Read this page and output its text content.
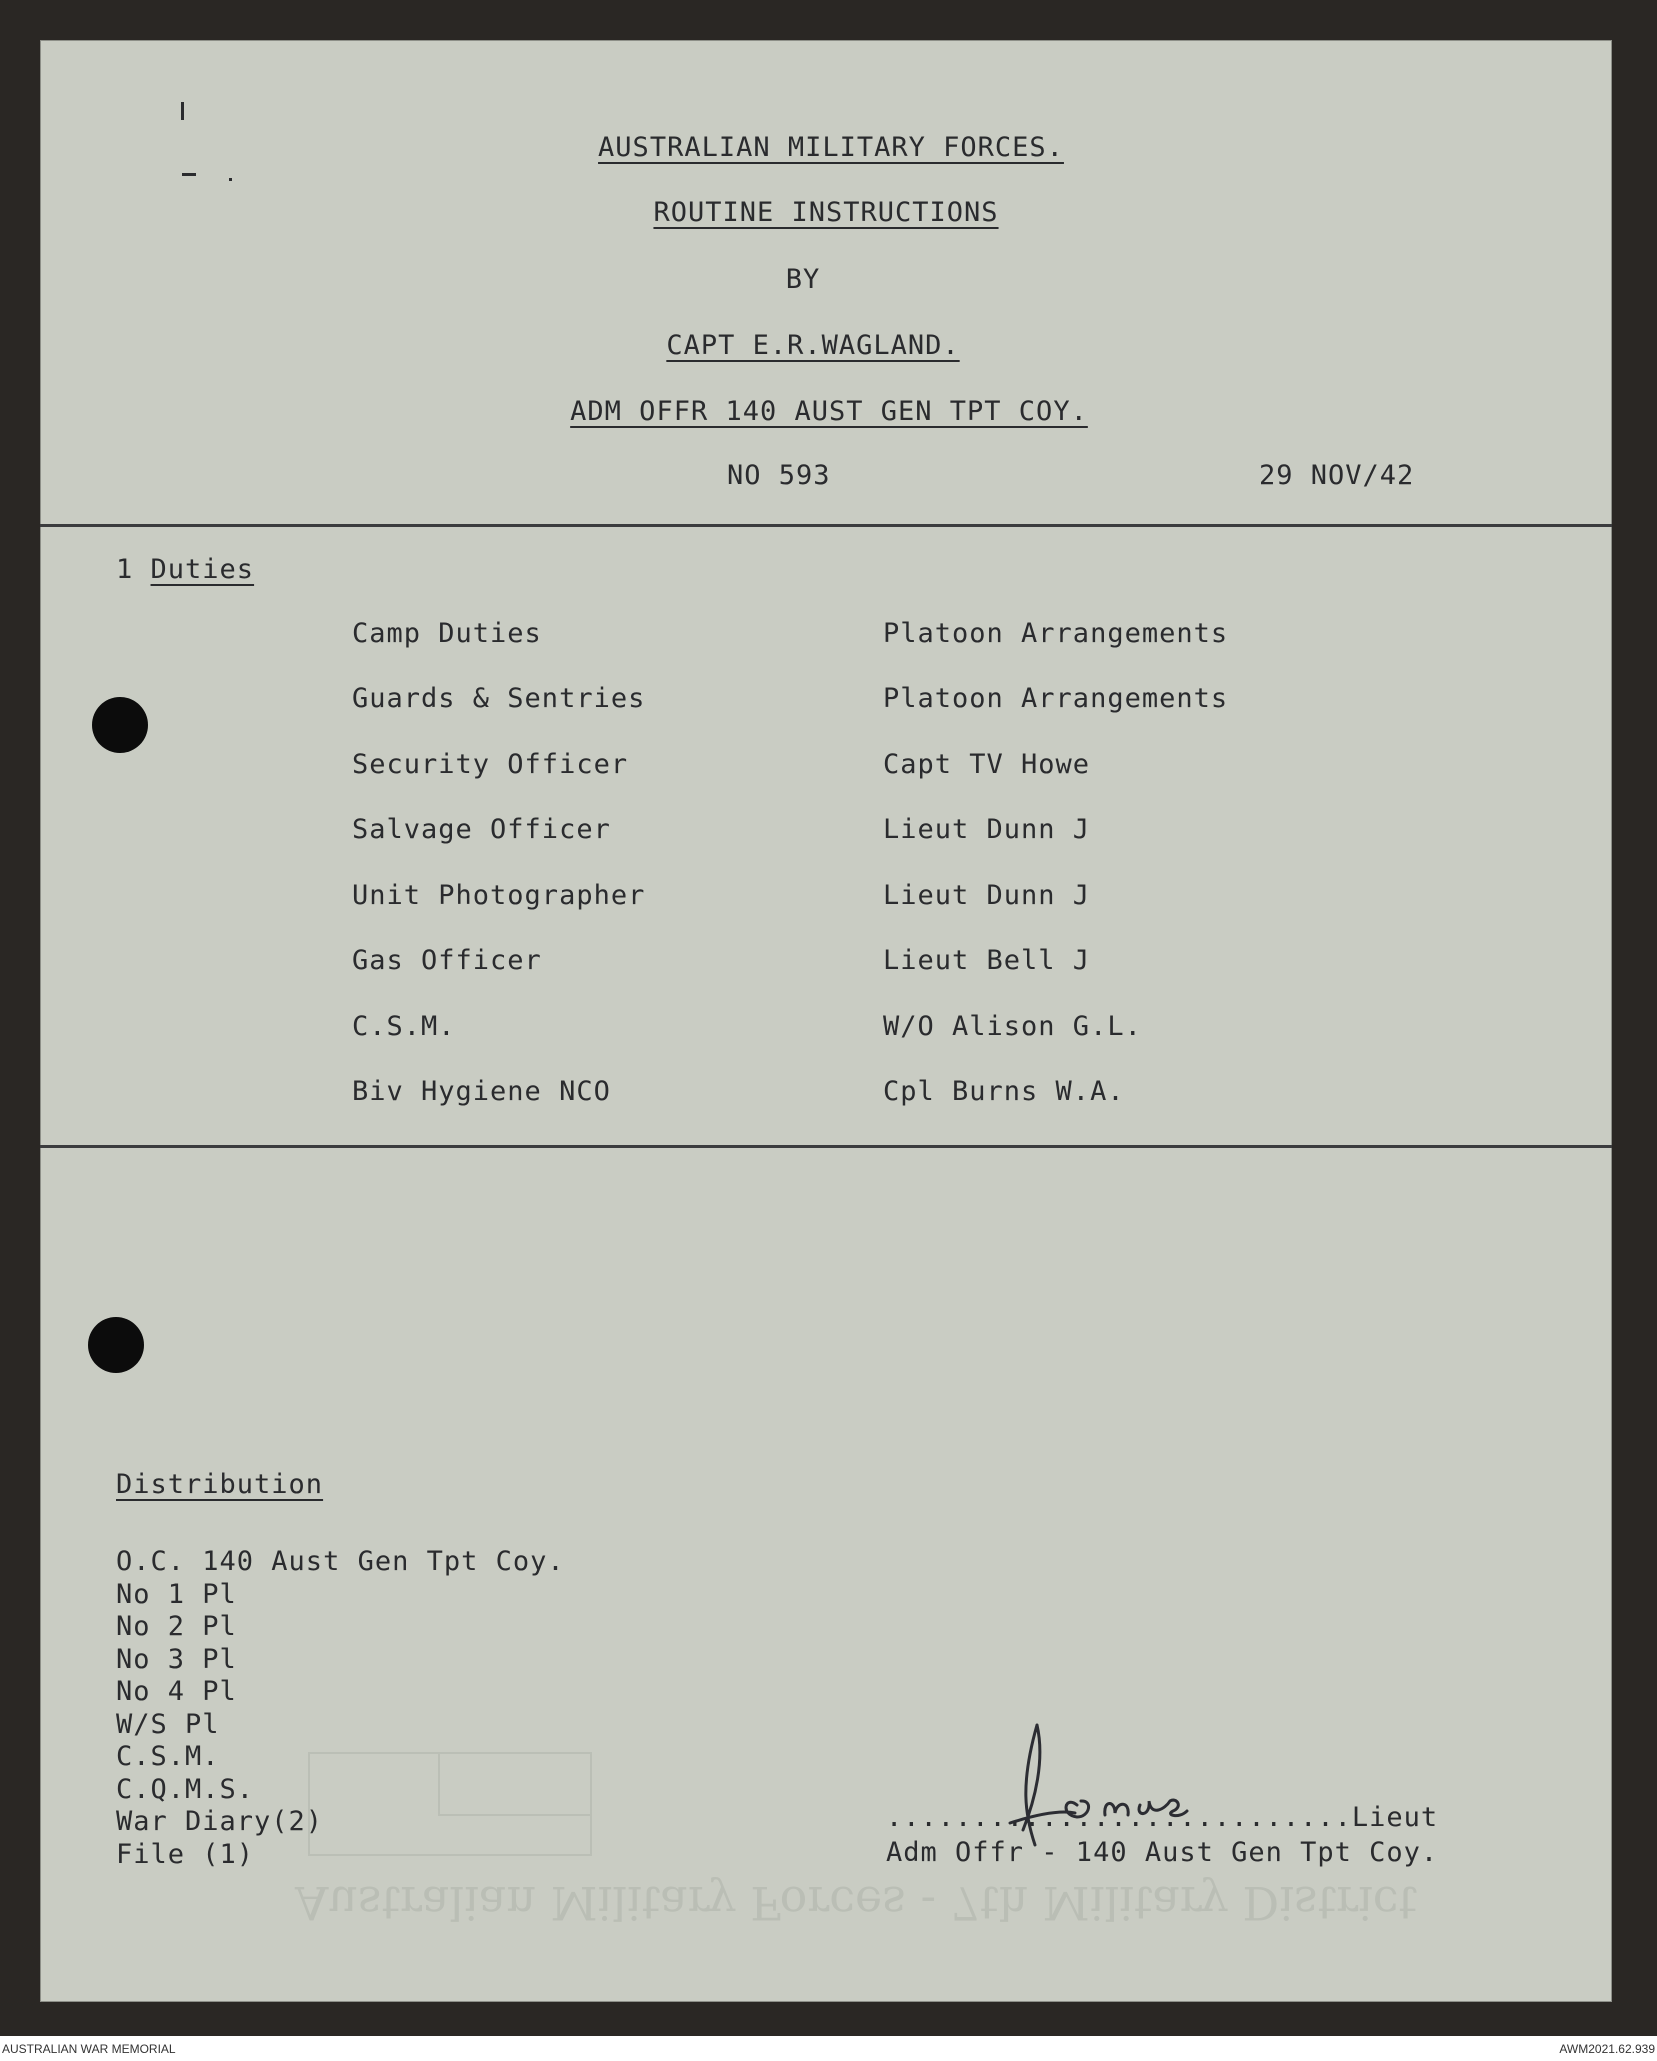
AUSTRALIAN MILITARY FORCES.
ROUTINE INSTRUCTIONS
BY
CAPT E.R.WAGLAND.
ADM OFFR 140 AUST GEN TPT COY.
NO 593	29 NOV/42
1 Duties
Camp Duties	Platoon Arrangements
Guards & Sentries	Platoon Arrangements
Security Officer	Capt TV Howe
Salvage Officer	Lieut Dunn J
Unit Photographer	Lieut Dunn J
Gas Officer	Lieut Bell J
C.S.M.	W/O Alison G.L.
Biv Hygiene NCO	Cpl Burns W.A.
Australian Military Forces - 7th Military District
Distribution
O.C. 140 Aust Gen Tpt Coy.
No 1 Pl
No 2 Pl
No 3 Pl
No 4 Pl
W/S Pl
C.S.M.
C.Q.M.S.
War Diary(2)
File (1)
...........................Lieut
Adm Offr - 140 Aust Gen Tpt Coy.
AUSTRALIAN WAR MEMORIAL	AWM2021.62.939
